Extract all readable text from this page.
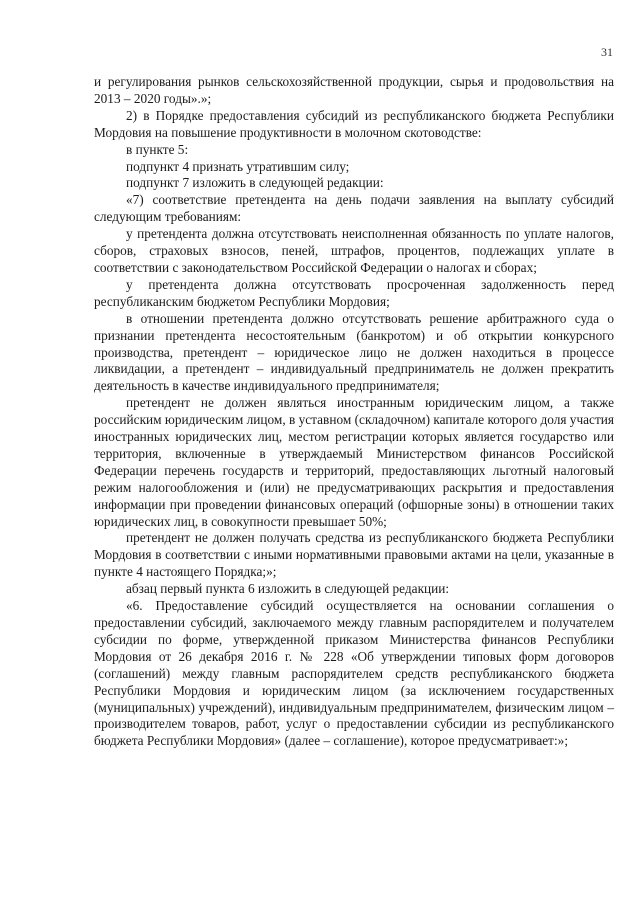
31

и регулирования рынков сельскохозяйственной продукции, сырья и продовольствия на 2013 – 2020 годы».»;

2) в Порядке предоставления субсидий из республиканского бюджета Республики Мордовия на повышение продуктивности в молочном скотоводстве:

в пункте 5:

подпункт 4 признать утратившим силу;

подпункт 7 изложить в следующей редакции:

«7) соответствие претендента на день подачи заявления на выплату субсидий следующим требованиям:

у претендента должна отсутствовать неисполненная обязанность по уплате налогов, сборов, страховых взносов, пеней, штрафов, процентов, подлежащих уплате в соответствии с законодательством Российской Федерации о налогах и сборах;

у претендента должна отсутствовать просроченная задолженность перед республиканским бюджетом Республики Мордовия;

в отношении претендента должно отсутствовать решение арбитражного суда о признании претендента несостоятельным (банкротом) и об открытии конкурсного производства, претендент – юридическое лицо не должен находиться в процессе ликвидации, а претендент – индивидуальный предприниматель не должен прекратить деятельность в качестве индивидуального предпринимателя;

претендент не должен являться иностранным юридическим лицом, а также российским юридическим лицом, в уставном (складочном) капитале которого доля участия иностранных юридических лиц, местом регистрации которых является государство или территория, включенные в утверждаемый Министерством финансов Российской Федерации перечень государств и территорий, предоставляющих льготный налоговый режим налогообложения и (или) не предусматривающих раскрытия и предоставления информации при проведении финансовых операций (офшорные зоны) в отношении таких юридических лиц, в совокупности превышает 50%;

претендент не должен получать средства из республиканского бюджета Республики Мордовия в соответствии с иными нормативными правовыми актами на цели, указанные в пункте 4 настоящего Порядка;»;

абзац первый пункта 6 изложить в следующей редакции:

«6. Предоставление субсидий осуществляется на основании соглашения о предоставлении субсидий, заключаемого между главным распорядителем и получателем субсидии по форме, утвержденной приказом Министерства финансов Республики Мордовия от 26 декабря 2016 г. № 228 «Об утверждении типовых форм договоров (соглашений) между главным распорядителем средств республиканского бюджета Республики Мордовия и юридическим лицом (за исключением государственных (муниципальных) учреждений), индивидуальным предпринимателем, физическим лицом – производителем товаров, работ, услуг о предоставлении субсидии из республиканского бюджета Республики Мордовия» (далее – соглашение), которое предусматривает:»;
